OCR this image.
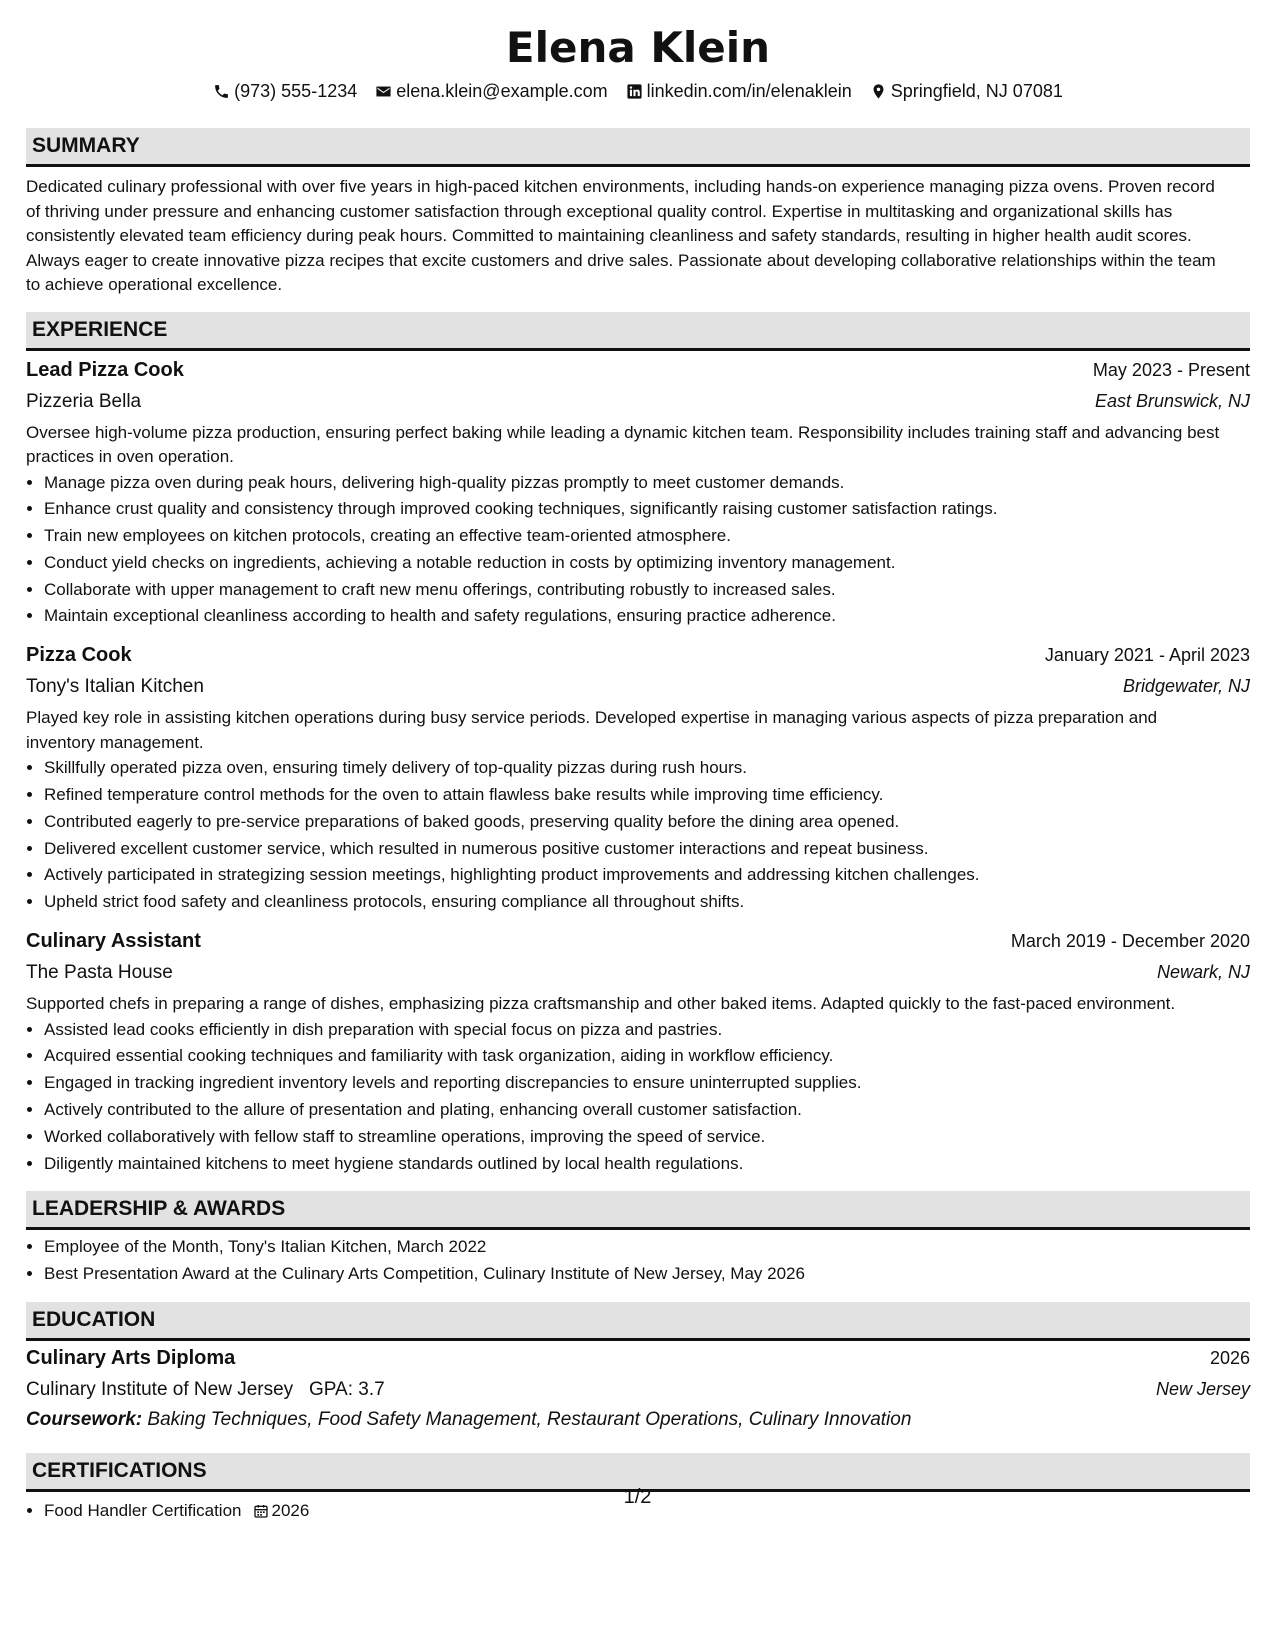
Elena Klein
(973) 555-1234 elena.klein@example.com linkedin.com/in/elenaklein Springfield, NJ 07081
SUMMARY
Dedicated culinary professional with over five years in high-paced kitchen environments, including hands-on experience managing pizza ovens. Proven record of thriving under pressure and enhancing customer satisfaction through exceptional quality control. Expertise in multitasking and organizational skills has consistently elevated team efficiency during peak hours. Committed to maintaining cleanliness and safety standards, resulting in higher health audit scores. Always eager to create innovative pizza recipes that excite customers and drive sales. Passionate about developing collaborative relationships within the team to achieve operational excellence.
EXPERIENCE
Lead Pizza Cook	May 2023 - Present
Pizzeria Bella	East Brunswick, NJ
Oversee high-volume pizza production, ensuring perfect baking while leading a dynamic kitchen team. Responsibility includes training staff and advancing best practices in oven operation.
• Manage pizza oven during peak hours, delivering high-quality pizzas promptly to meet customer demands.
• Enhance crust quality and consistency through improved cooking techniques, significantly raising customer satisfaction ratings.
• Train new employees on kitchen protocols, creating an effective team-oriented atmosphere.
• Conduct yield checks on ingredients, achieving a notable reduction in costs by optimizing inventory management.
• Collaborate with upper management to craft new menu offerings, contributing robustly to increased sales.
• Maintain exceptional cleanliness according to health and safety regulations, ensuring practice adherence.
Pizza Cook	January 2021 - April 2023
Tony's Italian Kitchen	Bridgewater, NJ
Played key role in assisting kitchen operations during busy service periods. Developed expertise in managing various aspects of pizza preparation and inventory management.
• Skillfully operated pizza oven, ensuring timely delivery of top-quality pizzas during rush hours.
• Refined temperature control methods for the oven to attain flawless bake results while improving time efficiency.
• Contributed eagerly to pre-service preparations of baked goods, preserving quality before the dining area opened.
• Delivered excellent customer service, which resulted in numerous positive customer interactions and repeat business.
• Actively participated in strategizing session meetings, highlighting product improvements and addressing kitchen challenges.
• Upheld strict food safety and cleanliness protocols, ensuring compliance all throughout shifts.
Culinary Assistant	March 2019 - December 2020
The Pasta House	Newark, NJ
Supported chefs in preparing a range of dishes, emphasizing pizza craftsmanship and other baked items. Adapted quickly to the fast-paced environment.
• Assisted lead cooks efficiently in dish preparation with special focus on pizza and pastries.
• Acquired essential cooking techniques and familiarity with task organization, aiding in workflow efficiency.
• Engaged in tracking ingredient inventory levels and reporting discrepancies to ensure uninterrupted supplies.
• Actively contributed to the allure of presentation and plating, enhancing overall customer satisfaction.
• Worked collaboratively with fellow staff to streamline operations, improving the speed of service.
• Diligently maintained kitchens to meet hygiene standards outlined by local health regulations.
LEADERSHIP & AWARDS
• Employee of the Month, Tony's Italian Kitchen, March 2022
• Best Presentation Award at the Culinary Arts Competition, Culinary Institute of New Jersey, May 2026
EDUCATION
Culinary Arts Diploma	2026
Culinary Institute of New Jersey GPA: 3.7	New Jersey
Coursework: Baking Techniques, Food Safety Management, Restaurant Operations, Culinary Innovation
CERTIFICATIONS
• Food Handler Certification 2026
1/2
